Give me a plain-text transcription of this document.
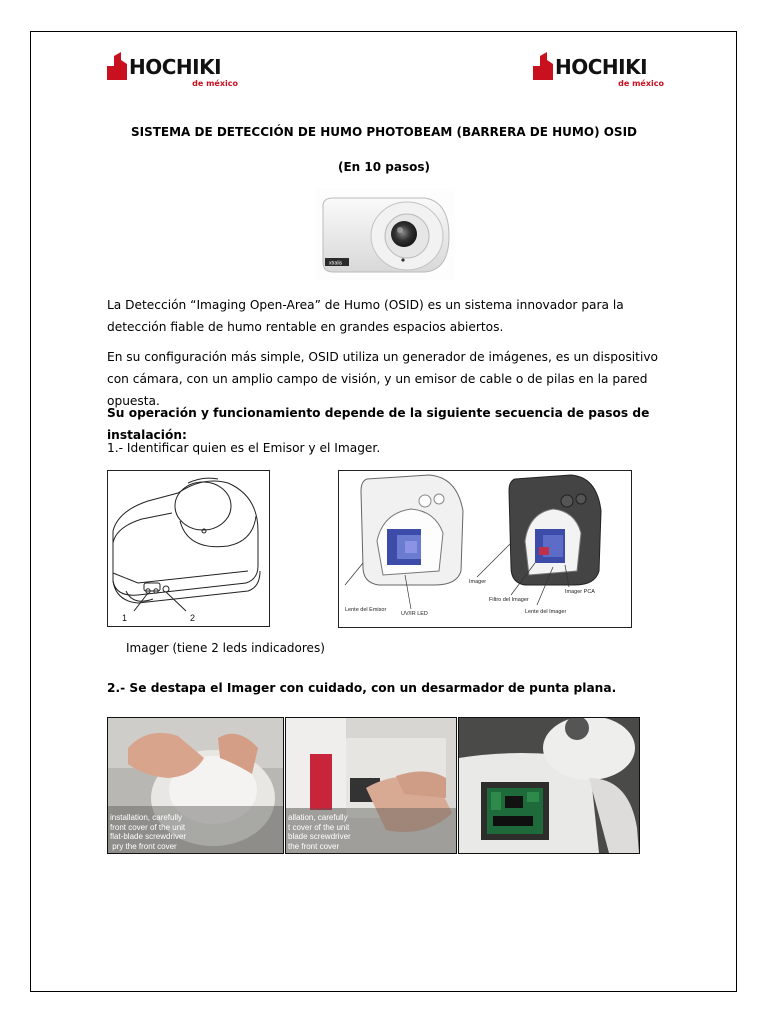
HOCHIKI
de méxico
HOCHIKI
de méxico
SISTEMA DE DETECCIÓN DE HUMO PHOTOBEAM (BARRERA DE HUMO) OSID
(En 10 pasos)
xtralis
La Detección “Imaging Open-Area” de Humo (OSID) es un sistema innovador para la detección fiable de humo rentable en grandes espacios abiertos.
En su configuración más simple, OSID utiliza un generador de imágenes, es un dispositivo con cámara, con un amplio campo de visión, y un emisor de cable o de pilas en la pared opuesta.
Su operación y funcionamiento depende de la siguiente secuencia de pasos de instalación:
1.- Identificar quien es el Emisor y el Imager.
1	2
Lente del Emisor
UV/IR LED
Imager
Filtro del Imager
Lente del Imager
Imager PCA
Imager (tiene 2 leds indicadores)
2.- Se destapa el Imager con cuidado, con un desarmador de punta plana.
installation, carefully
front cover of the unit
flat-blade screwdriver
pry the front cover
allation, carefully
t cover of the unit
blade screwdriver
the front cover
